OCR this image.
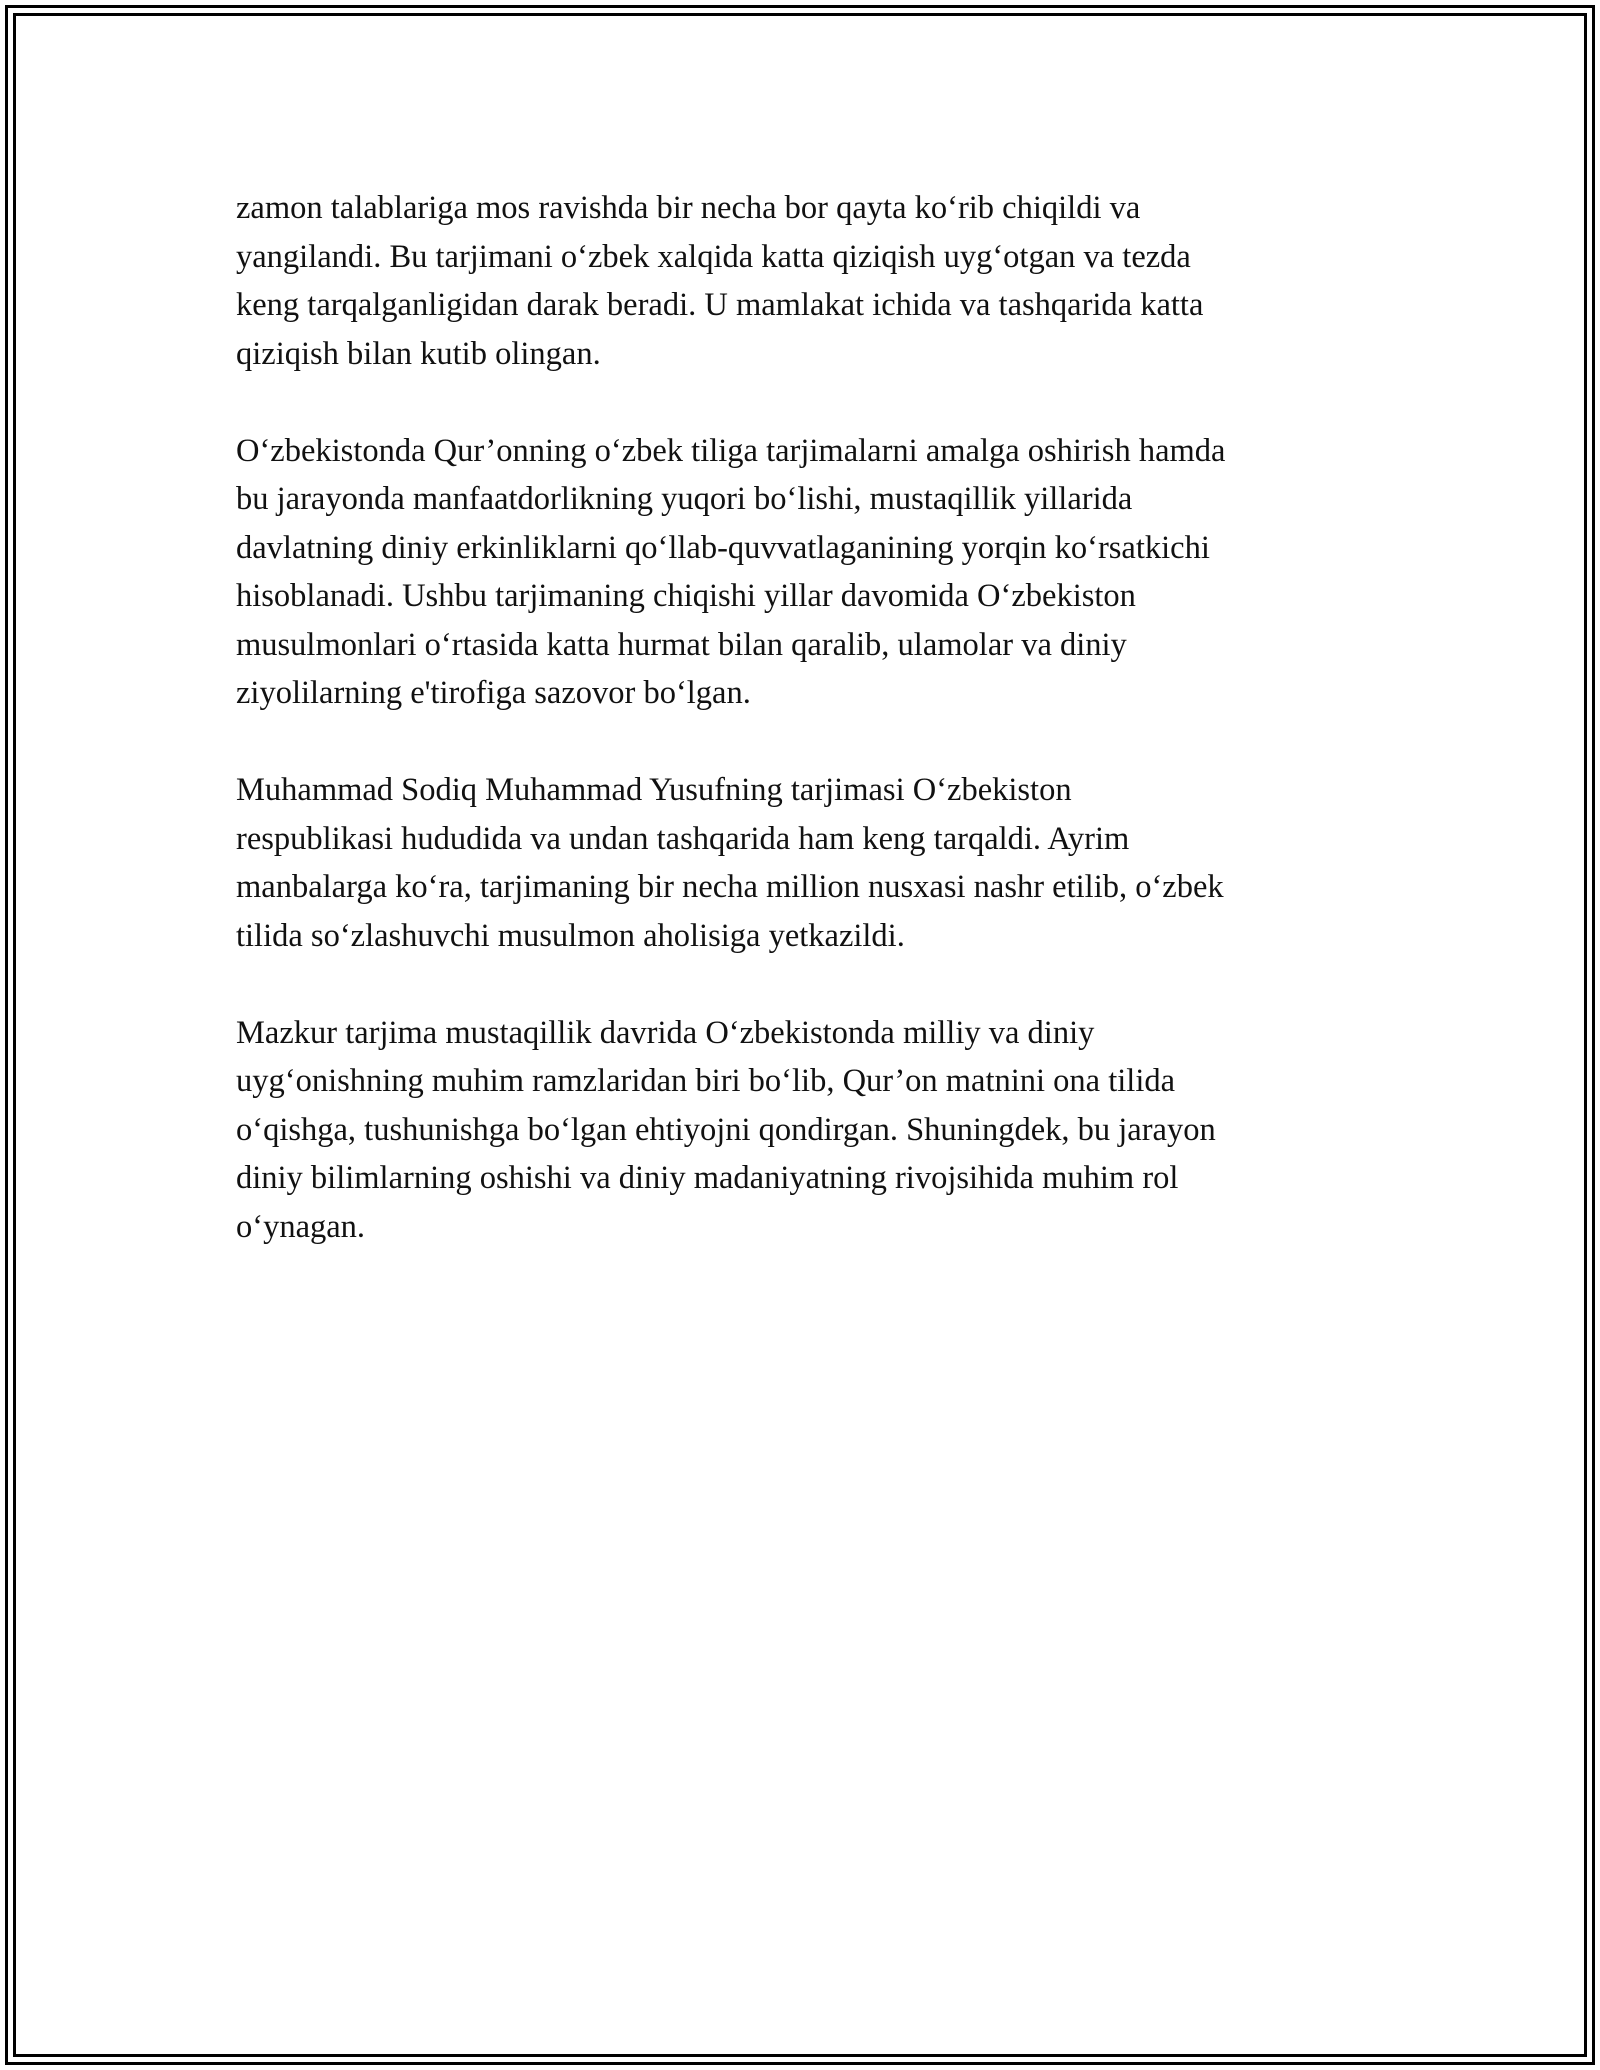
zamon talablariga mos ravishda bir necha bor qayta ko‘rib chiqildi va
yangilandi. Bu tarjimani o‘zbek xalqida katta qiziqish uyg‘otgan va tezda
keng tarqalganligidan darak beradi. U mamlakat ichida va tashqarida katta
qiziqish bilan kutib olingan.

O‘zbekistonda Qur’onning o‘zbek tiliga tarjimalarni amalga oshirish hamda
bu jarayonda manfaatdorlikning yuqori bo‘lishi, mustaqillik yillarida
davlatning diniy erkinliklarni qo‘llab-quvvatlaganining yorqin ko‘rsatkichi
hisoblanadi. Ushbu tarjimaning chiqishi yillar davomida O‘zbekiston
musulmonlari o‘rtasida katta hurmat bilan qaralib, ulamolar va diniy
ziyolilarning e'tirofiga sazovor bo‘lgan.

Muhammad Sodiq Muhammad Yusufning tarjimasi O‘zbekiston
respublikasi hududida va undan tashqarida ham keng tarqaldi. Ayrim
manbalarga ko‘ra, tarjimaning bir necha million nusxasi nashr etilib, o‘zbek
tilida so‘zlashuvchi musulmon aholisiga yetkazildi.

Mazkur tarjima mustaqillik davrida O‘zbekistonda milliy va diniy
uyg‘onishning muhim ramzlaridan biri bo‘lib, Qur’on matnini ona tilida
o‘qishga, tushunishga bo‘lgan ehtiyojni qondirgan. Shuningdek, bu jarayon
diniy bilimlarning oshishi va diniy madaniyatning rivojsihida muhim rol
o‘ynagan.
